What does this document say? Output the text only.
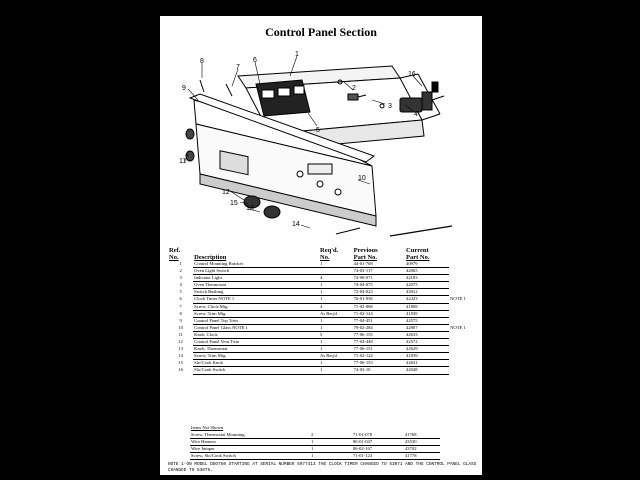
Control Panel Section
1
2
3
4
5
6
7
8
9
10
11
12
13
14
15
16
Ref.
No.	Description	Req'd.
No.	Previous
Part No.	Current
Part No.	

1	Control Mounting Bracket	1	44-01-768	40979	
2	Oven Light Switch		74-03-117	42065	
3	Indicator Light	4	74-08-071	42183	
4	Oven Thermostat	1	74-04-075	42075	
5	Switch Bushing	1	72-04-023	43012	
6	Clock Timer NOTE 1	1	76-01-036	42423	NOTE 1
7	Screw, Clock Mtg.	4	71-02-068	41808	
8	Screw, Trim Mtg.	As Req'd.	71-02-124	41839	
9	Control Panel Top Trim	1	77-04-451	42575	
10	Control Panel Glass NOTE 1	1	79-02-284	42807	NOTE 1
11	Knob, Clock	5	77-06-155	42633	
12	Control Panel Vent Trim	1	77-04-448	42572	
13	Knob, Thermostat	1	77-06-151	42629	
14	Screw, Trim Mtg.	As Req'd	71-02-124	41839	
15	Slo/Cook Knob	1	77-06-153	42631	
16	Slo/Cook Switch	1	74-03-10	42048	
Items Not Shown
Screw, Thermostat Mounting	2	71-01-078	41768
Wire Harness	1	86-01-047	43530
Wire Jumper	1	86-02-167	43702
Screw, Slo/Cook Switch	1	71-01-123	41778
NOTE 1-ON MODEL DDO750 STARTING AT SERIAL NUMBER 6077413 THE CLOCK TIMER CHANGED TO 53071 AND THE CONTROL PANEL GLASS CHANGED TO 53075.
